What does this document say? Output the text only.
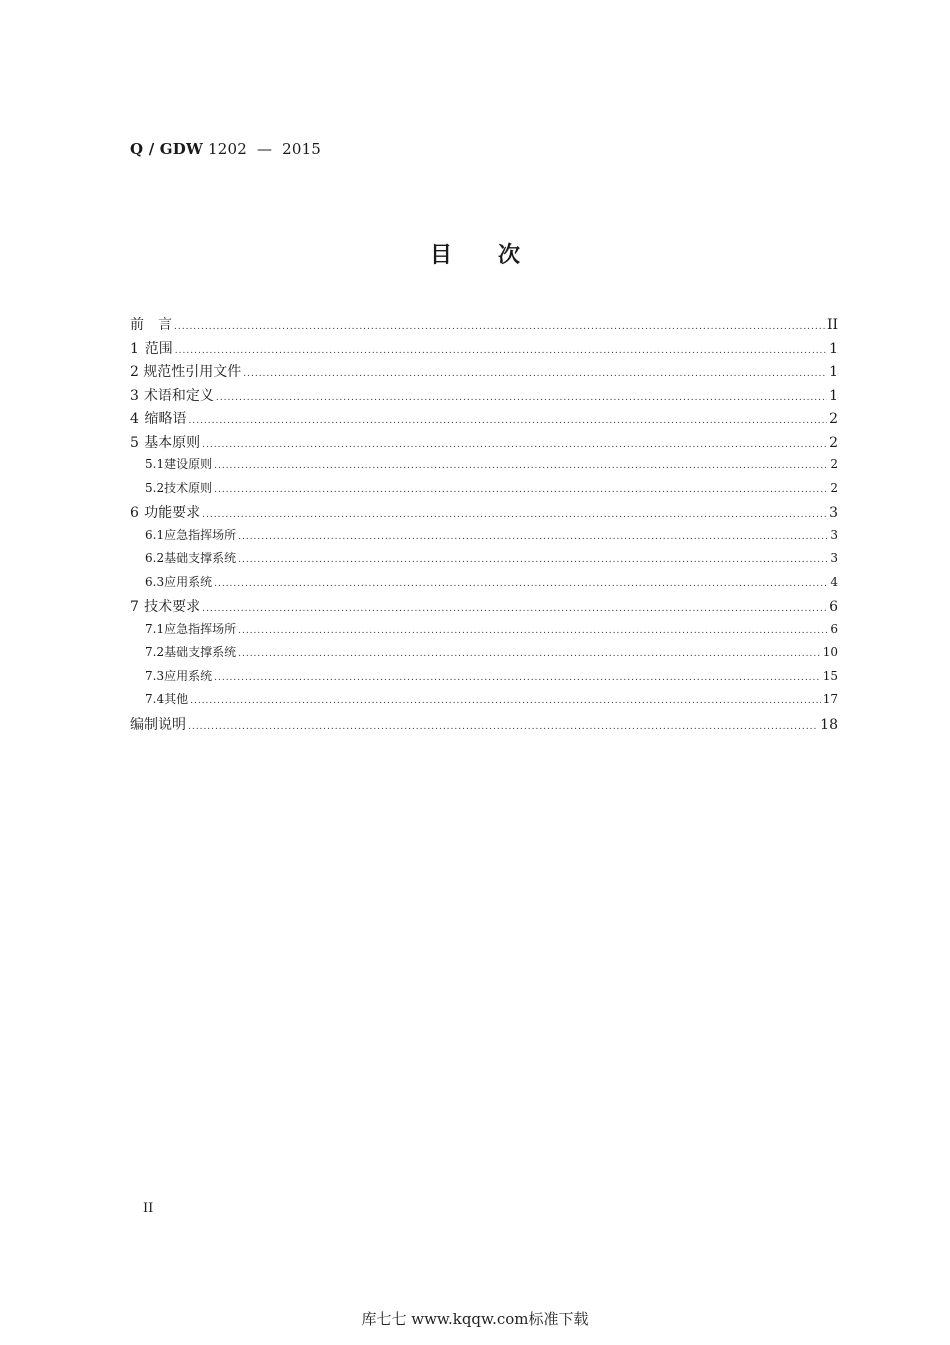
Q / GDW 1202  —  2015
目 次
前　言 .....	II
1 范围 .....	1
2 规范性引用文件 .....	1
3 术语和定义 .....	1
4 缩略语 .....	2
5 基本原则 .....	2
5.1 建设原则 .....	2
5.2 技术原则 .....	2
6 功能要求 .....	3
6.1 应急指挥场所 .....	3
6.2 基础支撑系统 .....	3
6.3 应用系统 .....	4
7 技术要求 .....	6
7.1 应急指挥场所 .....	6
7.2 基础支撑系统 .....	10
7.3 应用系统 .....	15
7.4 其他 .....	17
编制说明 .....	18
II
库七七 www.kqqw.com标准下载
